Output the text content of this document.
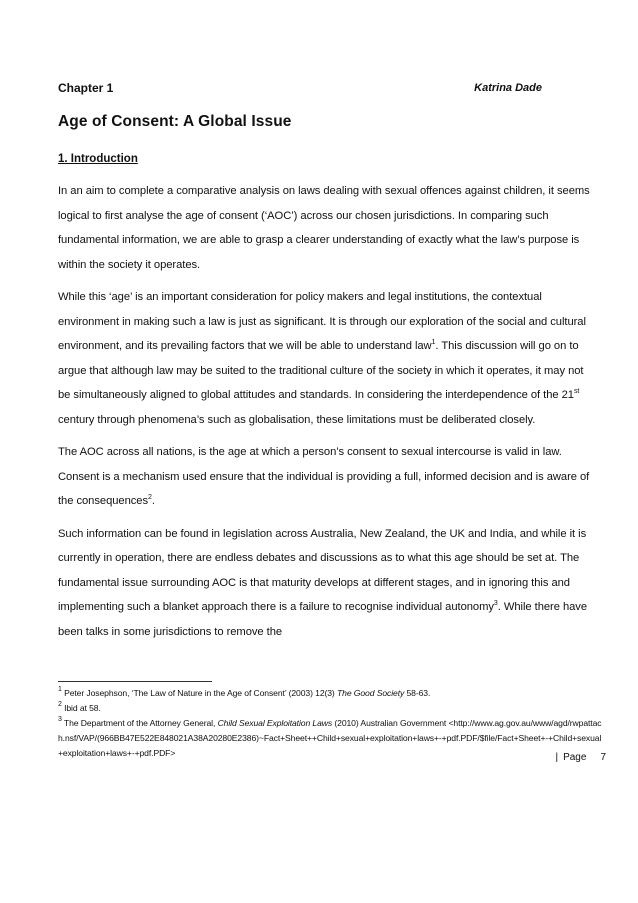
Chapter 1	Katrina Dade
Age of Consent: A Global Issue
1. Introduction

In an aim to complete a comparative analysis on laws dealing with sexual offences against children, it seems logical to first analyse the age of consent (‘AOC’) across our chosen jurisdictions. In comparing such fundamental information, we are able to grasp a clearer understanding of exactly what the law’s purpose is within the society it operates.

While this ‘age’ is an important consideration for policy makers and legal institutions, the contextual environment in making such a law is just as significant. It is through our exploration of the social and cultural environment, and its prevailing factors that we will be able to understand law$^1$. This discussion will go on to argue that although law may be suited to the traditional culture of the society in which it operates, it may not be simultaneously aligned to global attitudes and standards. In considering the interdependence of the 21st century through phenomena’s such as globalisation, these limitations must be deliberated closely.

The AOC across all nations, is the age at which a person’s consent to sexual intercourse is valid in law. Consent is a mechanism used ensure that the individual is providing a full, informed decision and is aware of the consequences$^2$.

Such information can be found in legislation across Australia, New Zealand, the UK and India, and while it is currently in operation, there are endless debates and discussions as to what this age should be set at. The fundamental issue surrounding AOC is that maturity develops at different stages, and in ignoring this and implementing such a blanket approach there is a failure to recognise individual autonomy$^3$. While there have been talks in some jurisdictions to remove the

$^1$ Peter Josephson, ‘The Law of Nature in the Age of Consent’ (2003) 12(3) The Good Society 58-63.

$^2$ Ibid at 58.

$^3$ The Department of the Attorney General, Child Sexual Exploitation Laws (2010) Australian Government <http://www.ag.gov.au/www/agd/rwpattach.nsf/VAP/(966BB47E522E848021A38A20280E2386)~Fact+Sheet++Child+sexual+exploitation+laws+-+pdf.PDF/$file/Fact+Sheet+-+Child+sexual+exploitation+laws+-+pdf.PDF>	| Page 7
